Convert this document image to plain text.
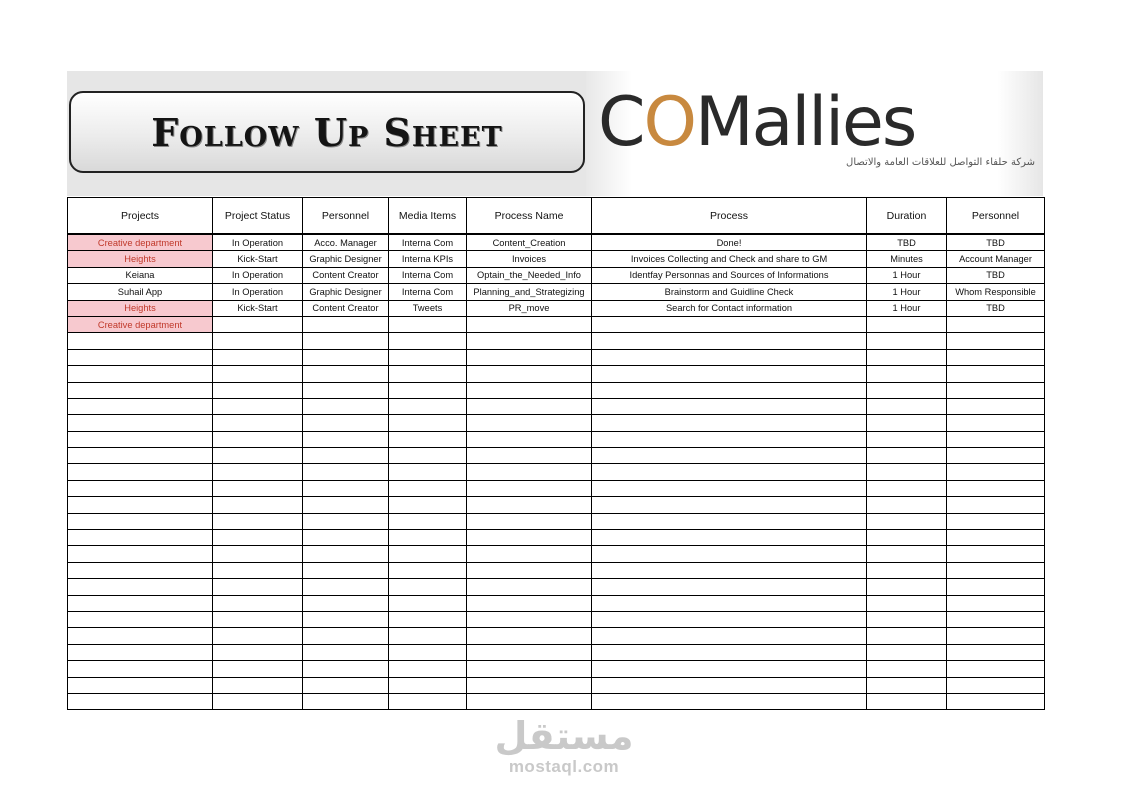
Follow Up Sheet COMallies
شركة حلفاء التواصل للعلاقات العامة والاتصال
Projects	Project Status	Personnel	Media Items	Process Name	Process	Duration	Personnel
Creative department	In Operation	Acco. Manager	Interna Com	Content_Creation	Done!	TBD	TBD
Heights	Kick-Start	Graphic Designer	Interna KPIs	Invoices	Invoices Collecting and Check and share to GM	Minutes	Account Manager
Keiana	In Operation	Content Creator	Interna Com	Optain_the_Needed_Info	Identfay Personnas and Sources of Informations	1 Hour	TBD
Suhail App	In Operation	Graphic Designer	Interna Com	Planning_and_Strategizing	Brainstorm and Guidline Check	1 Hour	Whom Responsible
Heights	Kick-Start	Content Creator	Tweets	PR_move	Search for Contact information	1 Hour	TBD
Creative department							

مستقل
mostaql.com
